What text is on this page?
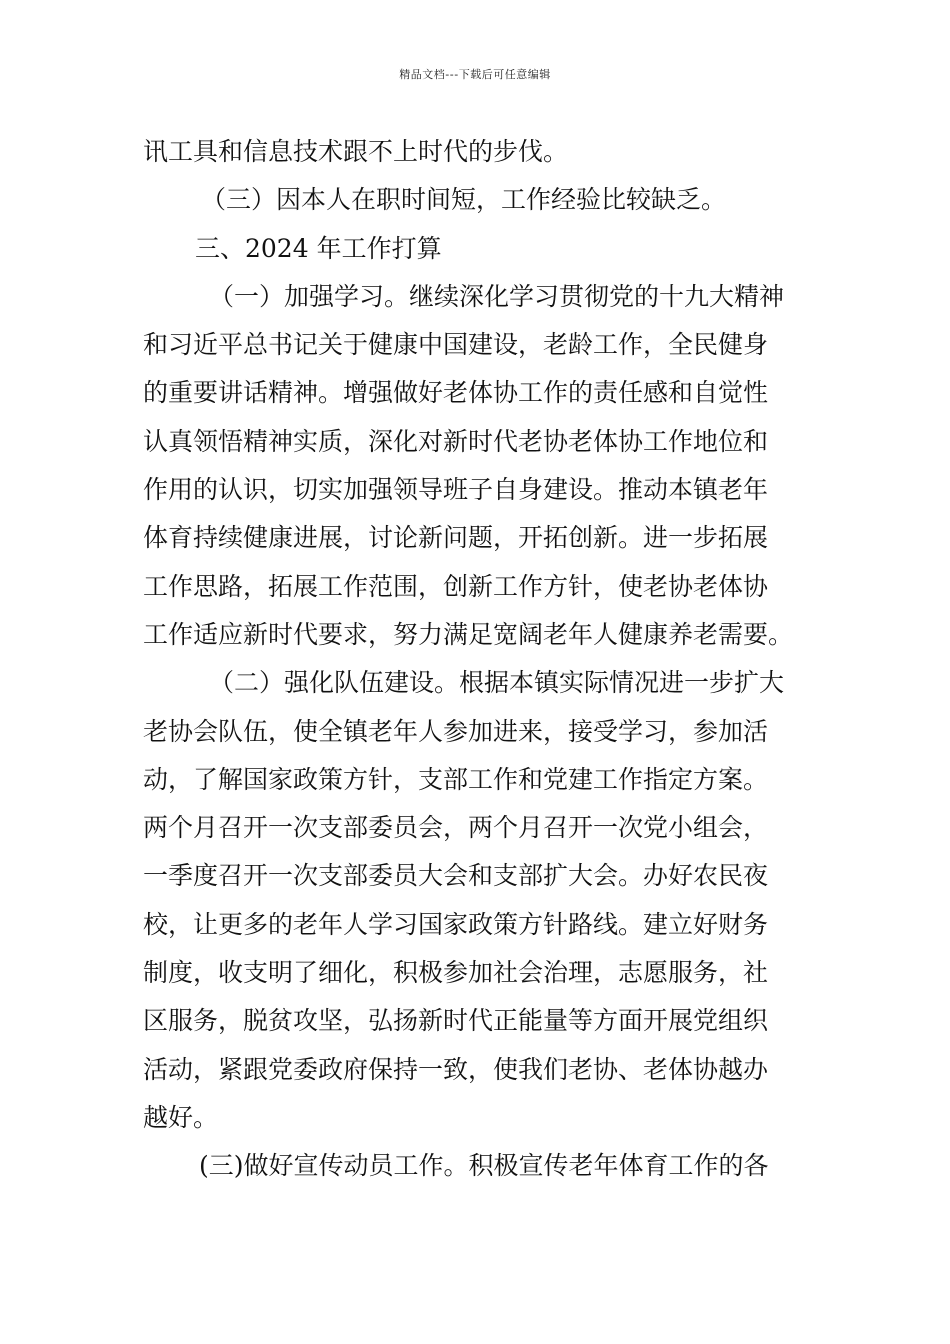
精品文档---下载后可任意编辑
讯工具和信息技术跟不上时代的步伐。
（三）因本人在职时间短，工作经验比较缺乏。
三、2024 年工作打算
（一）加强学习。继续深化学习贯彻党的十九大精神
和习近平总书记关于健康中国建设，老龄工作，全民健身
的重要讲话精神。增强做好老体协工作的责任感和自觉性
认真领悟精神实质，深化对新时代老协老体协工作地位和
作用的认识，切实加强领导班子自身建设。推动本镇老年
体育持续健康进展，讨论新问题，开拓创新。进一步拓展
工作思路，拓展工作范围，创新工作方针，使老协老体协
工作适应新时代要求，努力满足宽阔老年人健康养老需要。
（二）强化队伍建设。根据本镇实际情况进一步扩大
老协会队伍，使全镇老年人参加进来，接受学习，参加活
动，了解国家政策方针，支部工作和党建工作指定方案。
两个月召开一次支部委员会，两个月召开一次党小组会，
一季度召开一次支部委员大会和支部扩大会。办好农民夜
校，让更多的老年人学习国家政策方针路线。建立好财务
制度，收支明了细化，积极参加社会治理，志愿服务，社
区服务，脱贫攻坚，弘扬新时代正能量等方面开展党组织
活动，紧跟党委政府保持一致，使我们老协、老体协越办
越好。
(三)做好宣传动员工作。积极宣传老年体育工作的各
